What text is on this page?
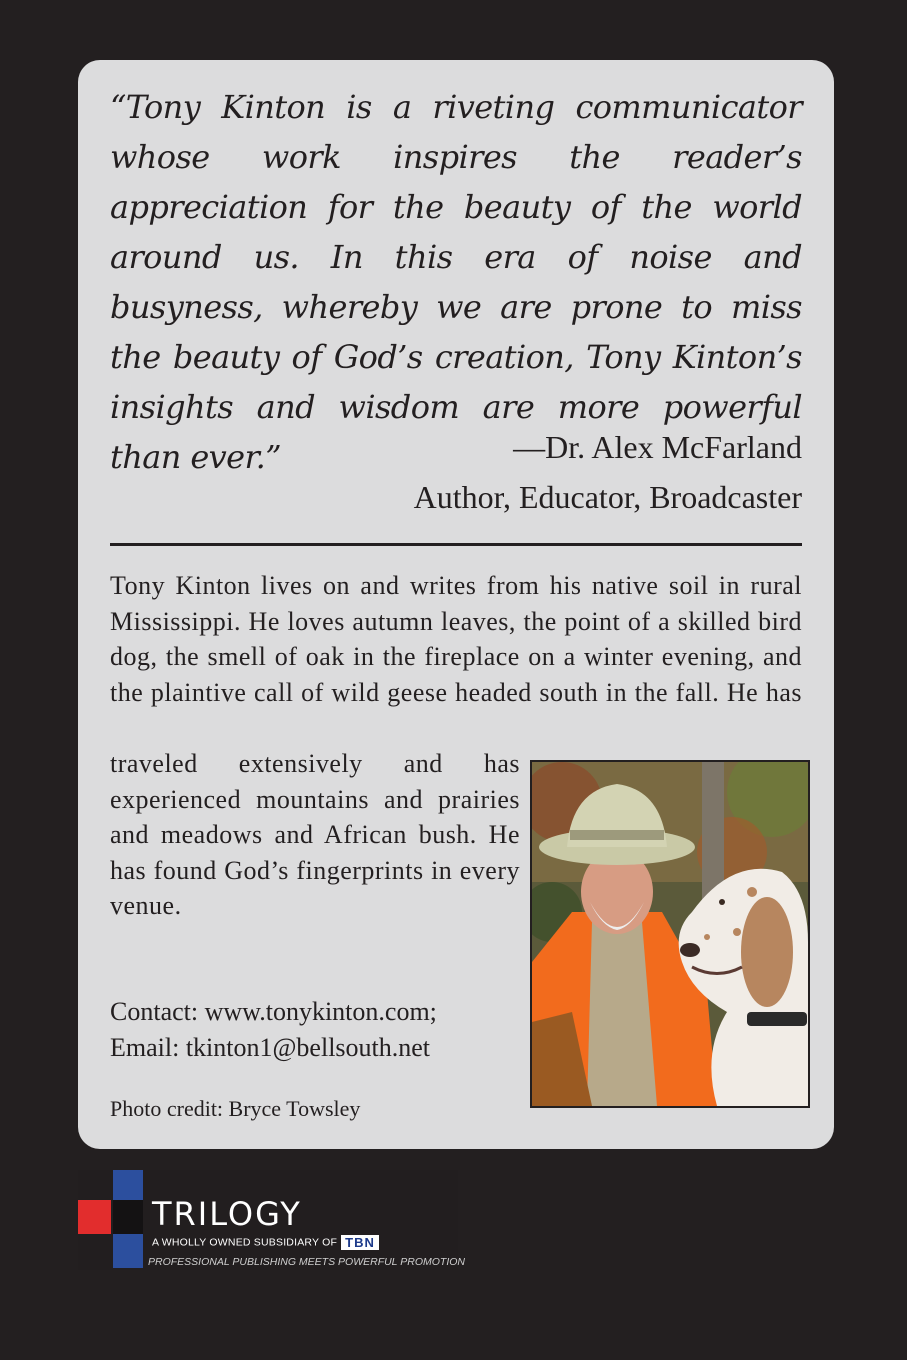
“Tony Kinton is a riveting communicator whose work inspires the reader’s appreciation for the beauty of the world around us. In this era of noise and busyness, whereby we are prone to miss the beauty of God’s creation, Tony Kinton’s insights and wisdom are more powerful than ever.”	—Dr. Alex McFarland
Author, Educator, Broadcaster

Tony Kinton lives on and writes from his native soil in rural Mississippi. He loves autumn leaves, the point of a skilled bird dog, the smell of oak in the fireplace on a winter evening, and the plaintive call of wild geese headed south in the fall. He has

traveled extensively and has experienced mountains and prairies and meadows and African bush. He has found God’s fingerprints in every venue.

Contact: www.tonykinton.com;
Email: tkinton1@bellsouth.net
Photo credit: Bryce Towsley
TRILOGY
A WHOLLY OWNED SUBSIDIARY OF TBN
PROFESSIONAL PUBLISHING MEETS POWERFUL PROMOTION
